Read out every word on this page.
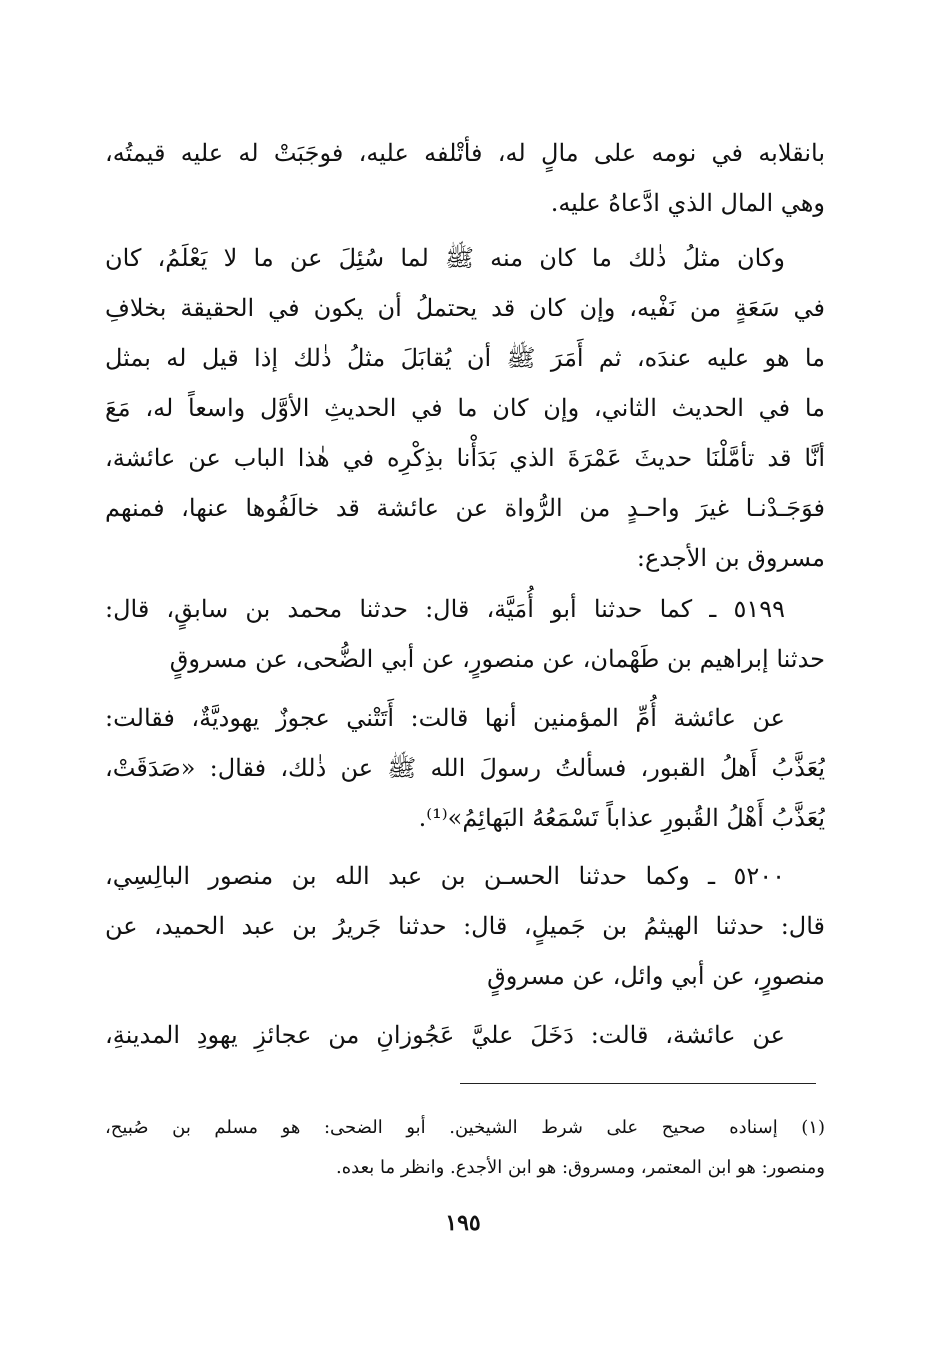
بانقلابه في نومه على مالٍ له، فأتْلفه عليه، فوجَبَتْ له عليه قيمتُه،
وهي المال الذي ادَّعاهُ عليه.
وكان مثلُ ذٰلك ما كان منه ﷺ لما سُئِلَ عن ما لا يَعْلَمُ، كان
في سَعَةٍ من نَفْيه، وإن كان قد يحتملُ أن يكون في الحقيقة بخلافِ
ما هو عليه عندَه، ثم أَمَرَ ﷺ أن يُقابَلَ مثلُ ذٰلك إذا قيل له بمثل
ما في الحديث الثاني، وإن كان ما في الحديثِ الأوَّل واسعاً له، مَعَ
أنَّا قد تأمَّلْنَا حديثَ عَمْرَةَ الذي بَدَأْنا بذِكْرِه في هٰذا الباب عن عائشة،
فوَجَـدْنـا غيرَ واحـدٍ من الرُّواة عن عائشة قد خالَفُوها عنها، فمنهم
مسروق بن الأجدع:
٥١٩٩ ـ كما حدثنا أبو أُمَيَّة، قال: حدثنا محمد بن سابقٍ، قال:
حدثنا إبراهيم بن طَهْمان، عن منصورٍ، عن أبي الضُّحى، عن مسروقٍ
عن عائشة أُمِّ المؤمنين أنها قالت: أَتَتْني عجوزٌ يهوديَّةٌ، فقالت:
يُعَذَّبُ أَهلُ القبور، فسألتُ رسولَ الله ﷺ عن ذٰلك، فقال: «صَدَقَتْ،
يُعَذَّبُ أَهْلُ القُبورِ عذاباً تَسْمَعُهُ البَهائِمُ»⁽¹⁾.
٥٢٠٠ ـ وكما حدثنا الحسـن بن عبد الله بن منصور البالِسِي،
قال: حدثنا الهيثمُ بن جَميلٍ، قال: حدثنا جَريرُ بن عبد الحميد، عن
منصورٍ، عن أبي وائل، عن مسروقٍ
عن عائشة، قالت: دَخَلَ عليَّ عَجُوزانِ من عجائزِ يهودِ المدينةِ،
(١) إسناده صحيح على شرط الشيخين. أبو الضحى: هو مسلم بن صُبيح،
ومنصور: هو ابن المعتمر، ومسروق: هو ابن الأجدع. وانظر ما بعده.
١٩٥
